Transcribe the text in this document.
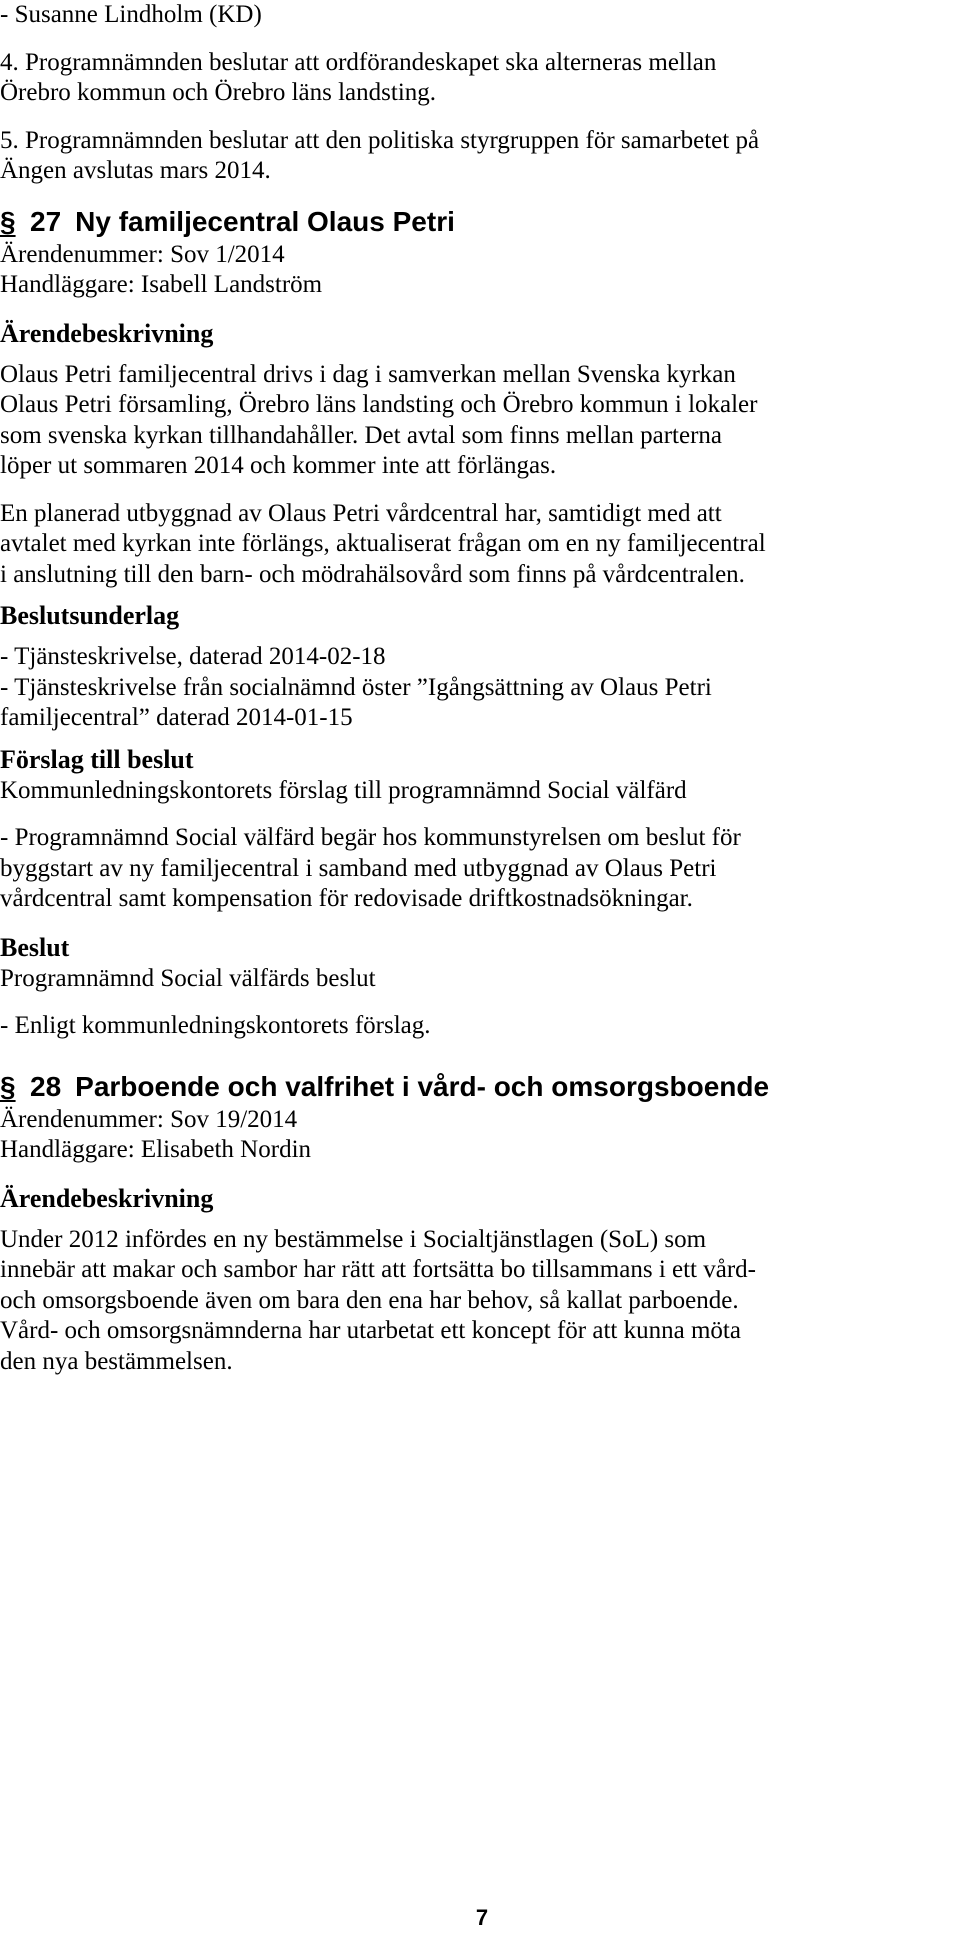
- Susanne Lindholm (KD)

4. Programnämnden beslutar att ordförandeskapet ska alterneras mellan

Örebro kommun och Örebro läns landsting.

5. Programnämnden beslutar att den politiska styrgruppen för samarbetet på

Ängen avslutas mars 2014.

§ 27 Ny familjecentral Olaus Petri

Ärendenummer: Sov 1/2014

Handläggare: Isabell Landström

Ärendebeskrivning

Olaus Petri familjecentral drivs i dag i samverkan mellan Svenska kyrkan

Olaus Petri församling, Örebro läns landsting och Örebro kommun i lokaler

som svenska kyrkan tillhandahåller. Det avtal som finns mellan parterna

löper ut sommaren 2014 och kommer inte att förlängas.

En planerad utbyggnad av Olaus Petri vårdcentral har, samtidigt med att

avtalet med kyrkan inte förlängs, aktualiserat frågan om en ny familjecentral

i anslutning till den barn- och mödrahälsovård som finns på vårdcentralen.

Beslutsunderlag

- Tjänsteskrivelse, daterad 2014-02-18

- Tjänsteskrivelse från socialnämnd öster ”Igångsättning av Olaus Petri

familjecentral” daterad 2014-01-15

Förslag till beslut

Kommunledningskontorets förslag till programnämnd Social välfärd

- Programnämnd Social välfärd begär hos kommunstyrelsen om beslut för

byggstart av ny familjecentral i samband med utbyggnad av Olaus Petri

vårdcentral samt kompensation för redovisade driftkostnadsökningar.

Beslut

Programnämnd Social välfärds beslut

- Enligt kommunledningskontorets förslag.

§ 28 Parboende och valfrihet i vård- och omsorgsboende

Ärendenummer: Sov 19/2014

Handläggare: Elisabeth Nordin

Ärendebeskrivning

Under 2012 infördes en ny bestämmelse i Socialtjänstlagen (SoL) som

innebär att makar och sambor har rätt att fortsätta bo tillsammans i ett vård-

och omsorgsboende även om bara den ena har behov, så kallat parboende.

Vård- och omsorgsnämnderna har utarbetat ett koncept för att kunna möta

den nya bestämmelsen.

7
